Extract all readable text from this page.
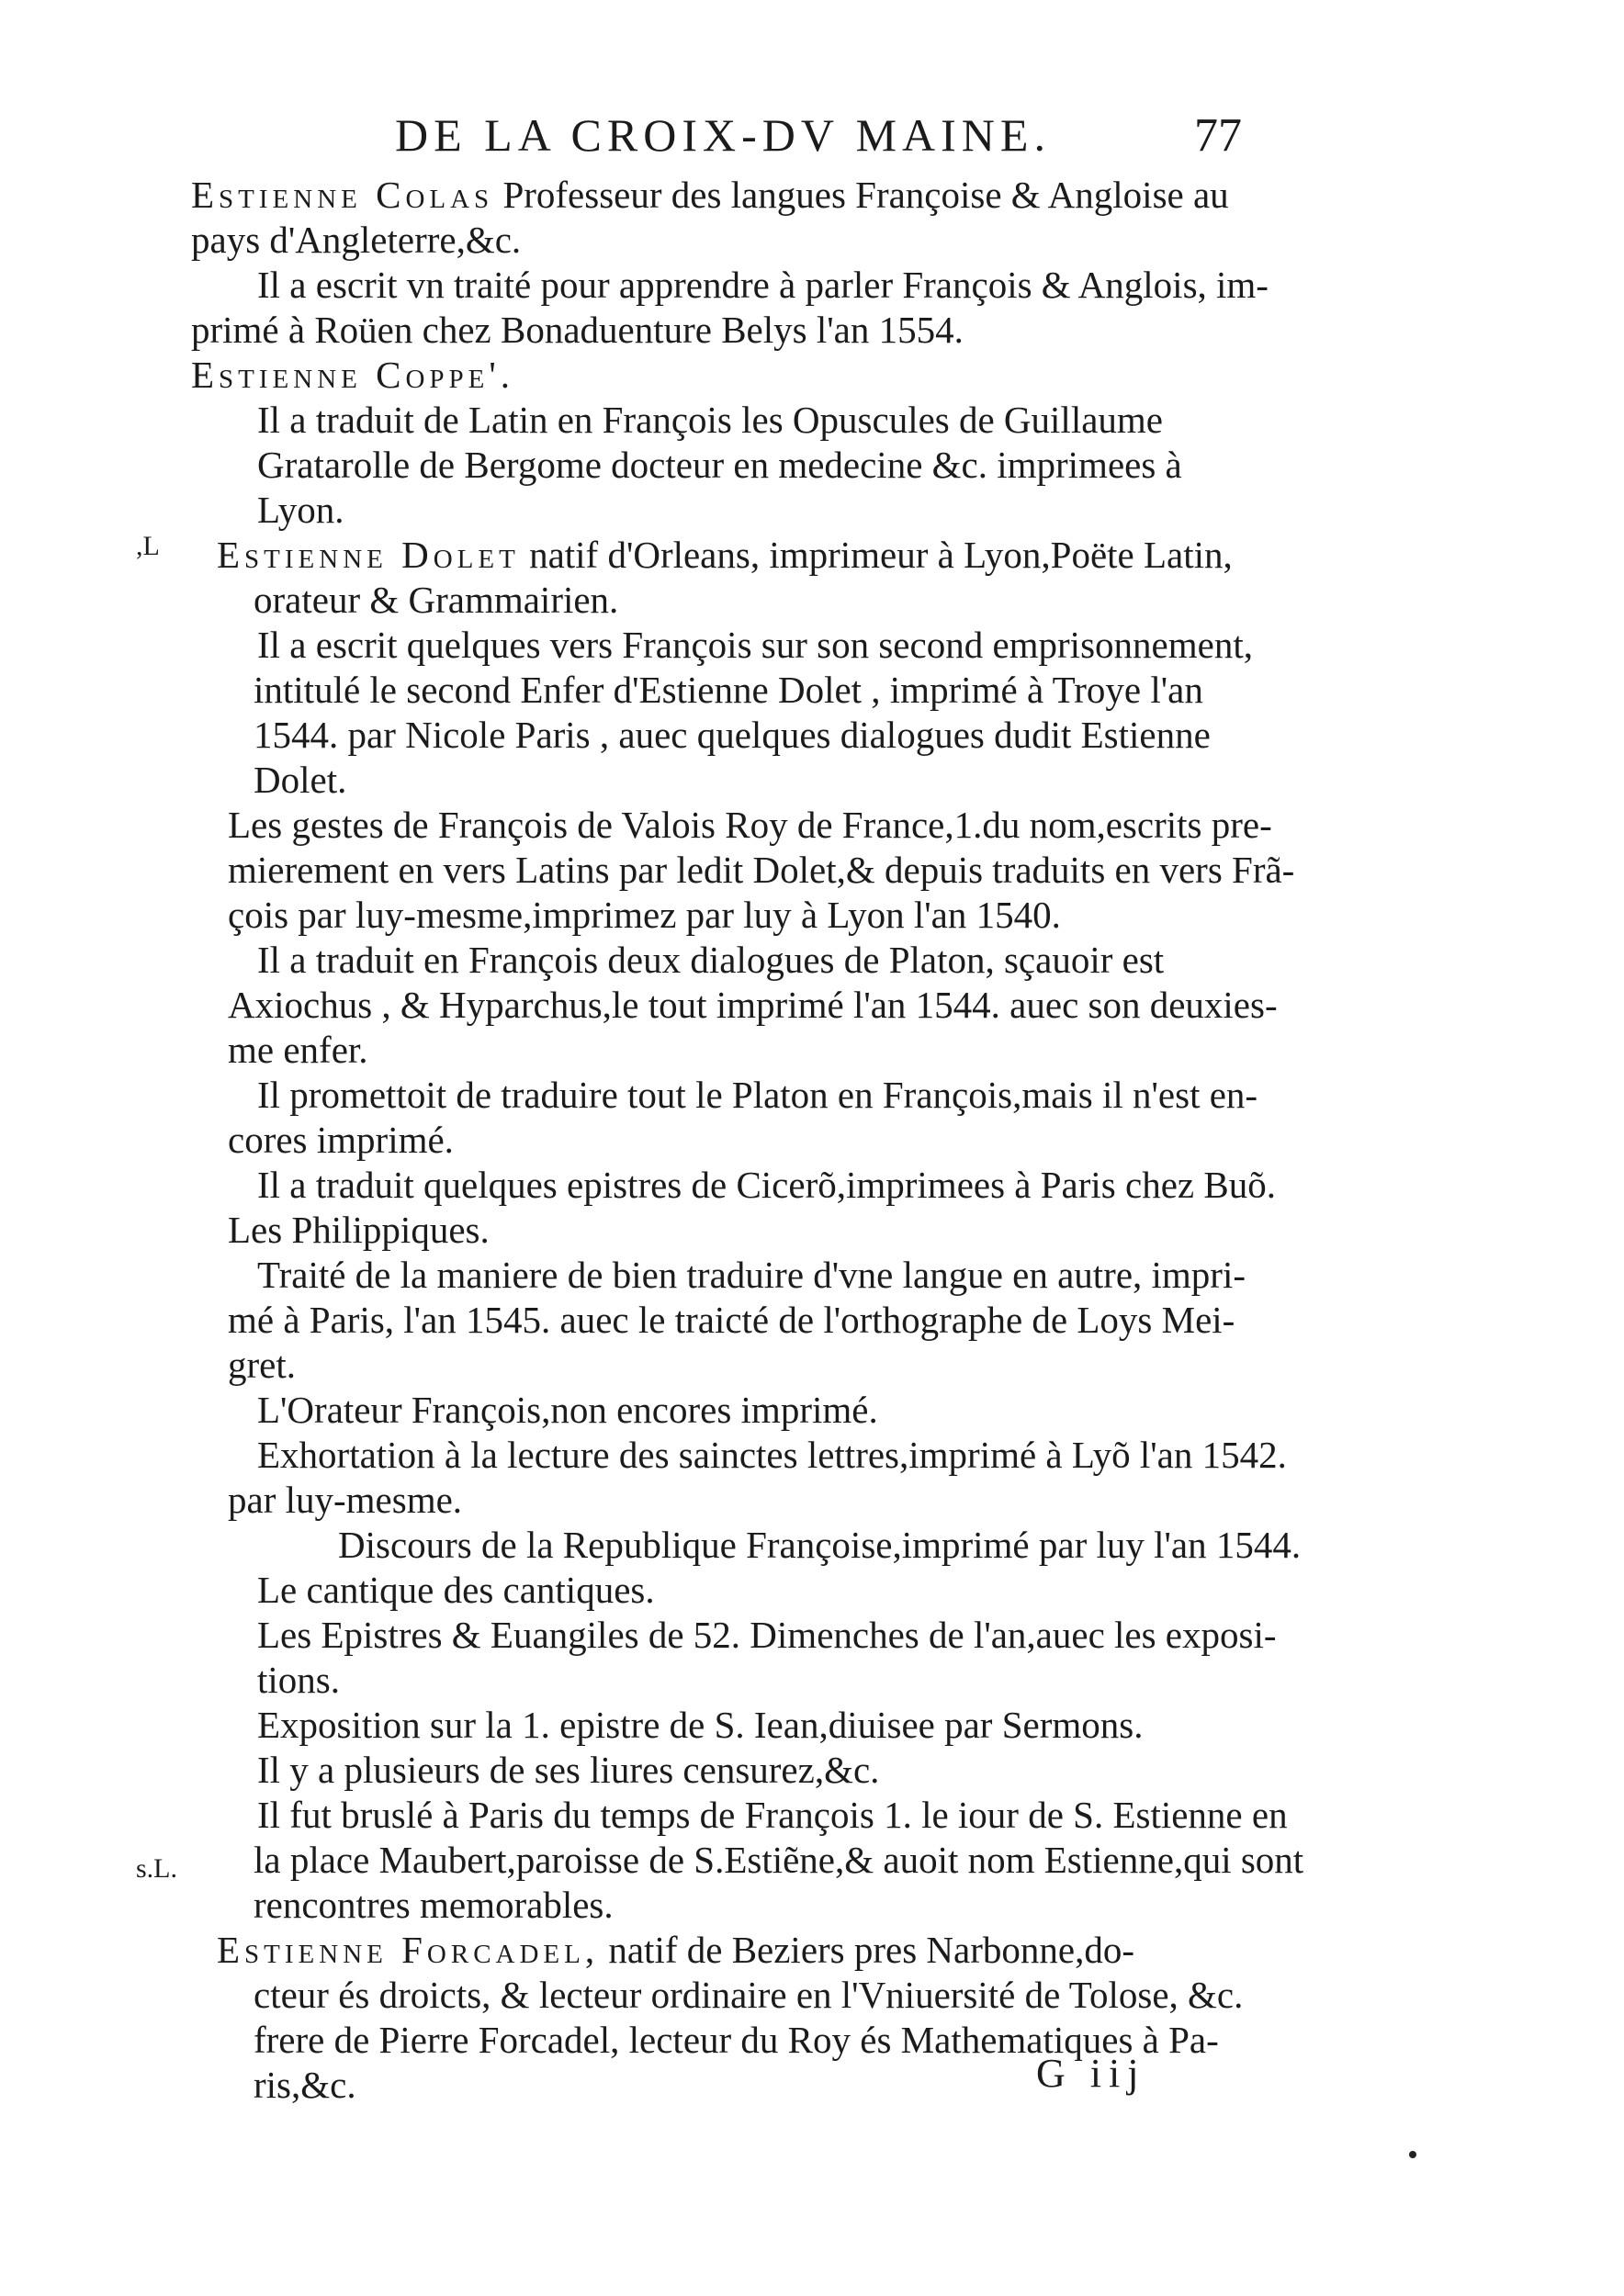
DE LA CROIX-DV MAINE.	77
,L
s.L.
Estienne Colas Professeur des langues Françoise & Angloise au
pays d'Angleterre,&c.
Il a escrit vn traité pour apprendre à parler François & Anglois, im-
primé à Roüen chez Bonaduenture Belys l'an 1554.
Estienne Coppe'.
Il a traduit de Latin en François les Opuscules de Guillaume
Gratarolle de Bergome docteur en medecine &c. imprimees à
Lyon.
Estienne Dolet natif d'Orleans, imprimeur à Lyon,Poëte Latin,
orateur & Grammairien.
Il a escrit quelques vers François sur son second emprisonnement,
intitulé le second Enfer d'Estienne Dolet , imprimé à Troye l'an
1544. par Nicole Paris , auec quelques dialogues dudit Estienne
Dolet.
Les gestes de François de Valois Roy de France,1.du nom,escrits pre-
mierement en vers Latins par ledit Dolet,& depuis traduits en vers Frã-
çois par luy-mesme,imprimez par luy à Lyon l'an 1540.
Il a traduit en François deux dialogues de Platon, sçauoir est
Axiochus , & Hyparchus,le tout imprimé l'an 1544. auec son deuxies-
me enfer.
Il promettoit de traduire tout le Platon en François,mais il n'est en-
cores imprimé.
Il a traduit quelques epistres de Cicerõ,imprimees à Paris chez Buõ.
Les Philippiques.
Traité de la maniere de bien traduire d'vne langue en autre, impri-
mé à Paris, l'an 1545. auec le traicté de l'orthographe de Loys Mei-
gret.
L'Orateur François,non encores imprimé.
Exhortation à la lecture des sainctes lettres,imprimé à Lyõ l'an 1542.
par luy-mesme.
Discours de la Republique Françoise,imprimé par luy l'an 1544.
Le cantique des cantiques.
Les Epistres & Euangiles de 52. Dimenches de l'an,auec les exposi-
tions.
Exposition sur la 1. epistre de S. Iean,diuisee par Sermons.
Il y a plusieurs de ses liures censurez,&c.
Il fut bruslé à Paris du temps de François 1. le iour de S. Estienne en
la place Maubert,paroisse de S.Estiẽne,& auoit nom Estienne,qui sont
rencontres memorables.
Estienne Forcadel, natif de Beziers pres Narbonne,do-
cteur és droicts, & lecteur ordinaire en l'Vniuersité de Tolose, &c.
frere de Pierre Forcadel, lecteur du Roy és Mathematiques à Pa-
ris,&c.	G iij
